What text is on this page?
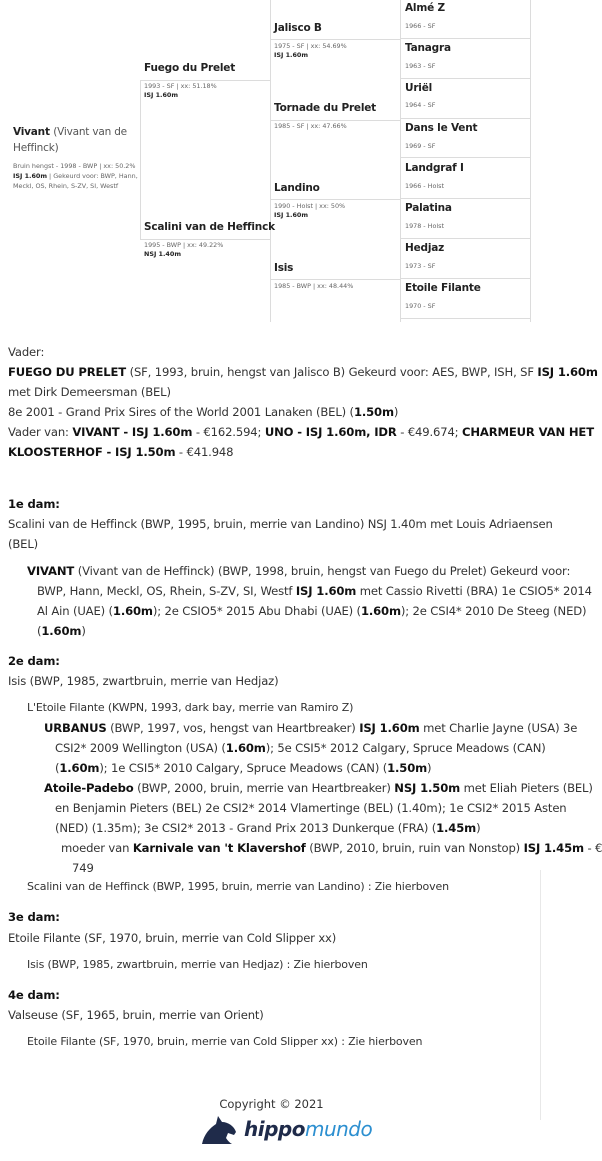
Vivant (Vivant van de Heffinck)
Bruin hengst - 1998 - BWP | xx: 50.2%
ISJ 1.60m | Gekeurd voor: BWP, Hann,
Meckl, OS, Rhein, S-ZV, SI, Westf
Fuego du Prelet
1993 - SF | xx: 51.18%
ISJ 1.60m
Scalini van de Heffinck
1995 - BWP | xx: 49.22%
NSJ 1.40m
Jalisco B
1975 - SF | xx: 54.69%
ISJ 1.60m
Tornade du Prelet
1985 - SF | xx: 47.66%
Landino
1990 - Holst | xx: 50%
ISJ 1.60m
Isis
1985 - BWP | xx: 48.44%
Almé Z
1966 - SF
Tanagra
1963 - SF
Uriël
1964 - SF
Dans le Vent
1969 - SF
Landgraf I
1966 - Holst
Palatina
1978 - Holst
Hedjaz
1973 - SF
Etoile Filante
1970 - SF
Vader:
FUEGO DU PRELET (SF, 1993, bruin, hengst van Jalisco B) Gekeurd voor: AES, BWP, ISH, SF ISJ 1.60m
met Dirk Demeersman (BEL)
8e 2001 - Grand Prix Sires of the World 2001 Lanaken (BEL) (1.50m)
Vader van: VIVANT - ISJ 1.60m - €162.594; UNO - ISJ 1.60m, IDR - €49.674; CHARMEUR VAN HET
KLOOSTERHOF - ISJ 1.50m - €41.948
1e dam:
Scalini van de Heffinck (BWP, 1995, bruin, merrie van Landino) NSJ 1.40m met Louis Adriaensen
(BEL)
VIVANT (Vivant van de Heffinck) (BWP, 1998, bruin, hengst van Fuego du Prelet) Gekeurd voor:
BWP, Hann, Meckl, OS, Rhein, S-ZV, SI, Westf ISJ 1.60m met Cassio Rivetti (BRA) 1e CSIO5* 2014
Al Ain (UAE) (1.60m); 2e CSIO5* 2015 Abu Dhabi (UAE) (1.60m); 2e CSI4* 2010 De Steeg (NED)
(1.60m)
2e dam:
Isis (BWP, 1985, zwartbruin, merrie van Hedjaz)
L'Etoile Filante (KWPN, 1993, dark bay, merrie van Ramiro Z)
URBANUS (BWP, 1997, vos, hengst van Heartbreaker) ISJ 1.60m met Charlie Jayne (USA) 3e
CSI2* 2009 Wellington (USA) (1.60m); 5e CSI5* 2012 Calgary, Spruce Meadows (CAN)
(1.60m); 1e CSI5* 2010 Calgary, Spruce Meadows (CAN) (1.50m)
Atoile-Padebo (BWP, 2000, bruin, merrie van Heartbreaker) NSJ 1.50m met Eliah Pieters (BEL)
en Benjamin Pieters (BEL) 2e CSI2* 2014 Vlamertinge (BEL) (1.40m); 1e CSI2* 2015 Asten
(NED) (1.35m); 3e CSI2* 2013 - Grand Prix 2013 Dunkerque (FRA) (1.45m)
moeder van Karnivale van 't Klavershof (BWP, 2010, bruin, ruin van Nonstop) ISJ 1.45m - €
749
Scalini van de Heffinck (BWP, 1995, bruin, merrie van Landino) : Zie hierboven
3e dam:
Etoile Filante (SF, 1970, bruin, merrie van Cold Slipper xx)
Isis (BWP, 1985, zwartbruin, merrie van Hedjaz) : Zie hierboven
4e dam:
Valseuse (SF, 1965, bruin, merrie van Orient)
Etoile Filante (SF, 1970, bruin, merrie van Cold Slipper xx) : Zie hierboven
Copyright © 2021
hippomundo
